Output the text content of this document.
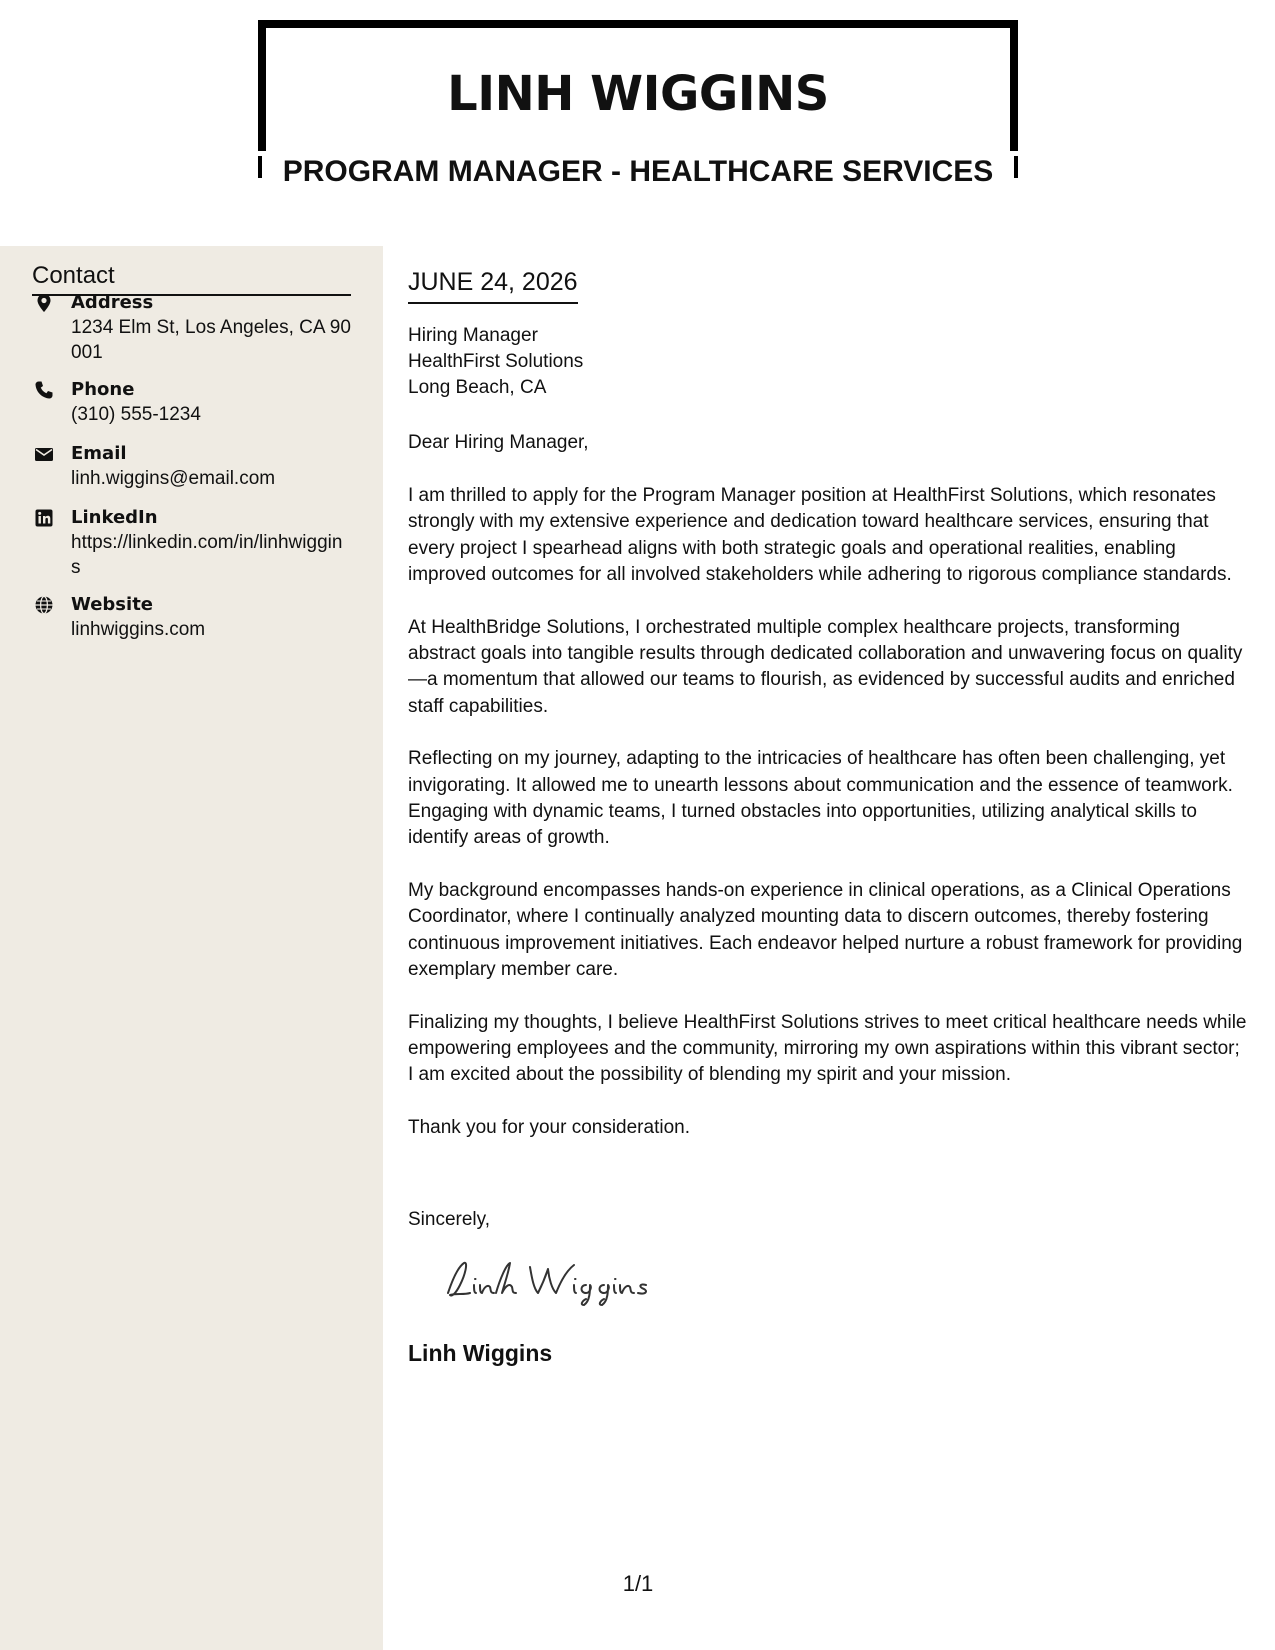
LINH WIGGINS
PROGRAM MANAGER - HEALTHCARE SERVICES
Contact
Address
1234 Elm St, Los Angeles, CA 90001
Phone
(310) 555-1234
Email
linh.wiggins@email.com
LinkedIn
https://linkedin.com/in/linhwiggins
Website
linhwiggins.com
JUNE 24, 2026
Hiring Manager
HealthFirst Solutions
Long Beach, CA
Dear Hiring Manager,

I am thrilled to apply for the Program Manager position at HealthFirst Solutions, which resonates strongly with my extensive experience and dedication toward healthcare services, ensuring that every project I spearhead aligns with both strategic goals and operational realities, enabling improved outcomes for all involved stakeholders while adhering to rigorous compliance standards.

At HealthBridge Solutions, I orchestrated multiple complex healthcare projects, transforming abstract goals into tangible results through dedicated collaboration and unwavering focus on quality—a momentum that allowed our teams to flourish, as evidenced by successful audits and enriched staff capabilities.

Reflecting on my journey, adapting to the intricacies of healthcare has often been challenging, yet invigorating. It allowed me to unearth lessons about communication and the essence of teamwork. Engaging with dynamic teams, I turned obstacles into opportunities, utilizing analytical skills to identify areas of growth.

My background encompasses hands-on experience in clinical operations, as a Clinical Operations Coordinator, where I continually analyzed mounting data to discern outcomes, thereby fostering continuous improvement initiatives. Each endeavor helped nurture a robust framework for providing exemplary member care.

Finalizing my thoughts, I believe HealthFirst Solutions strives to meet critical healthcare needs while empowering employees and the community, mirroring my own aspirations within this vibrant sector; I am excited about the possibility of blending my spirit and your mission.

Thank you for your consideration.

Sincerely,
Linh Wiggins
1/1
